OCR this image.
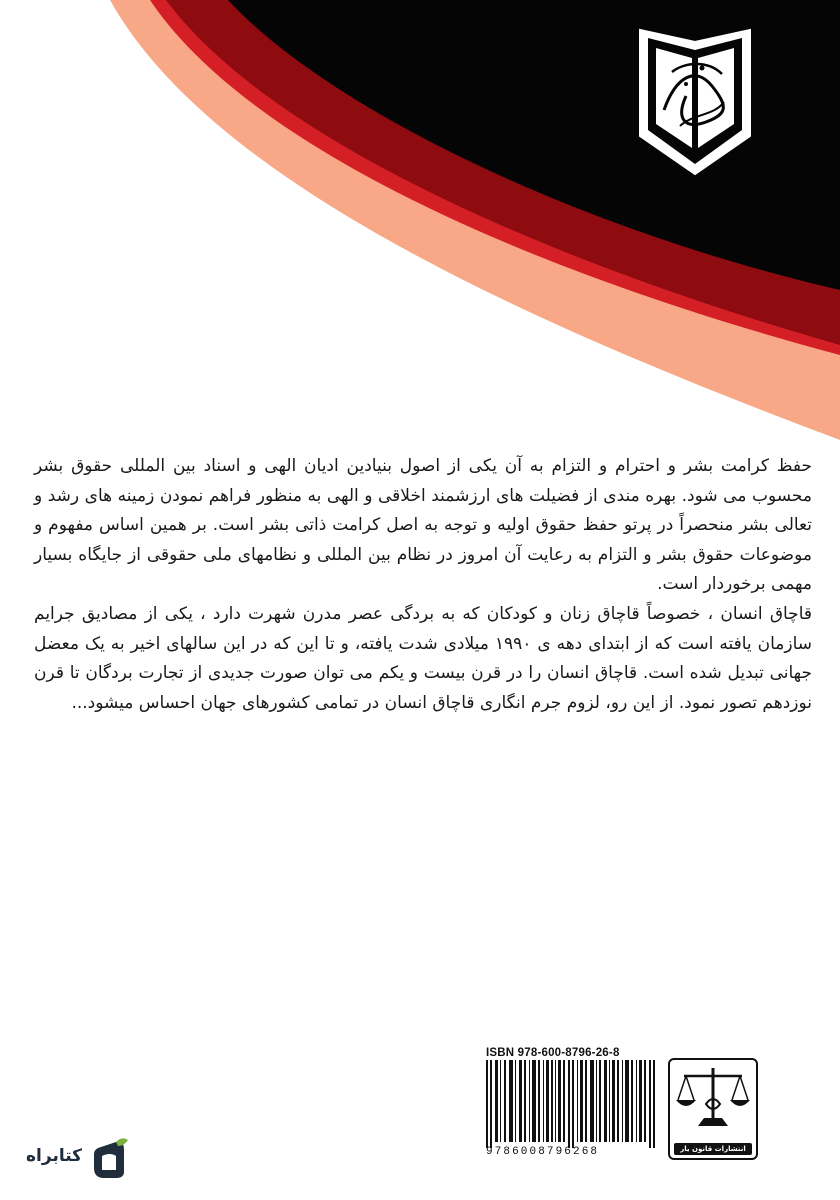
حفظ کرامت بشر و احترام و التزام به آن یکی از اصول بنیادین ادیان الهی و اسناد بین المللی حقوق بشر محسوب می شود. بهره مندی از فضیلت های ارزشمند اخلاقی و الهی به منظور فراهم نمودن زمینه های رشد و تعالی بشر منحصراً در پرتو حفظ حقوق اولیه و توجه به اصل کرامت ذاتی بشر است. بر همین اساس مفهوم و موضوعات حقوق بشر و التزام به رعایت آن امروز در نظام بین المللی و نظامهای ملی حقوقی از جایگاه بسیار مهمی برخوردار است.

قاچاق انسان ، خصوصاً قاچاق زنان و کودکان که به بردگی عصر مدرن شهرت دارد ، یکی از مصادیق جرایم سازمان یافته است که از ابتدای دهه ی ۱۹۹۰ میلادی شدت یافته، و تا این که در این سالهای اخیر به یک معضل جهانی تبدیل شده است. قاچاق انسان را در قرن بیست و یکم می توان صورت جدیدی از تجارت بردگان تا قرن نوزدهم تصور نمود. از این رو، لزوم جرم انگاری قاچاق انسان در تمامی کشورهای جهان احساس میشود...

ISBN 978-600-8796-26-8
9786008796268	انتشارات قانون یار
کتابراه
